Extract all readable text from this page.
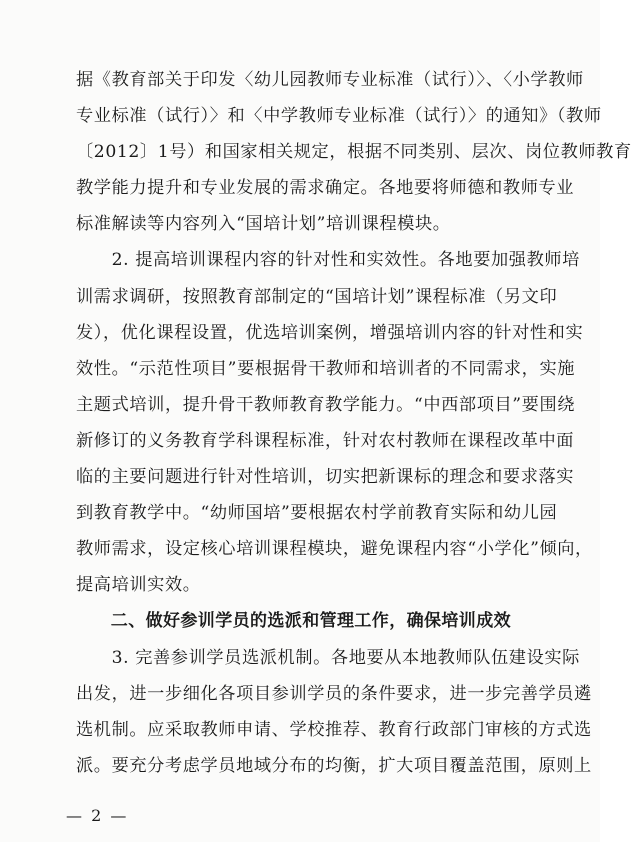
据《教育部关于印发〈幼儿园教师专业标准（试行）〉、〈小学教师
专业标准（试行）〉和〈中学教师专业标准（试行）〉的通知》（教师
〔2012〕1号）和国家相关规定，根据不同类别、层次、岗位教师教育
教学能力提升和专业发展的需求确定。各地要将师德和教师专业
标准解读等内容列入“国培计划”培训课程模块。
　　2. 提高培训课程内容的针对性和实效性。各地要加强教师培
训需求调研，按照教育部制定的“国培计划”课程标准（另文印
发），优化课程设置，优选培训案例，增强培训内容的针对性和实
效性。“示范性项目”要根据骨干教师和培训者的不同需求，实施
主题式培训，提升骨干教师教育教学能力。“中西部项目”要围绕
新修订的义务教育学科课程标准，针对农村教师在课程改革中面
临的主要问题进行针对性培训，切实把新课标的理念和要求落实
到教育教学中。“幼师国培”要根据农村学前教育实际和幼儿园
教师需求，设定核心培训课程模块，避免课程内容“小学化”倾向，
提高培训实效。
　　二、做好参训学员的选派和管理工作，确保培训成效
　　3. 完善参训学员选派机制。各地要从本地教师队伍建设实际
出发，进一步细化各项目参训学员的条件要求，进一步完善学员遴
选机制。应采取教师申请、学校推荐、教育行政部门审核的方式选
派。要充分考虑学员地域分布的均衡，扩大项目覆盖范围，原则上
— 2 —
